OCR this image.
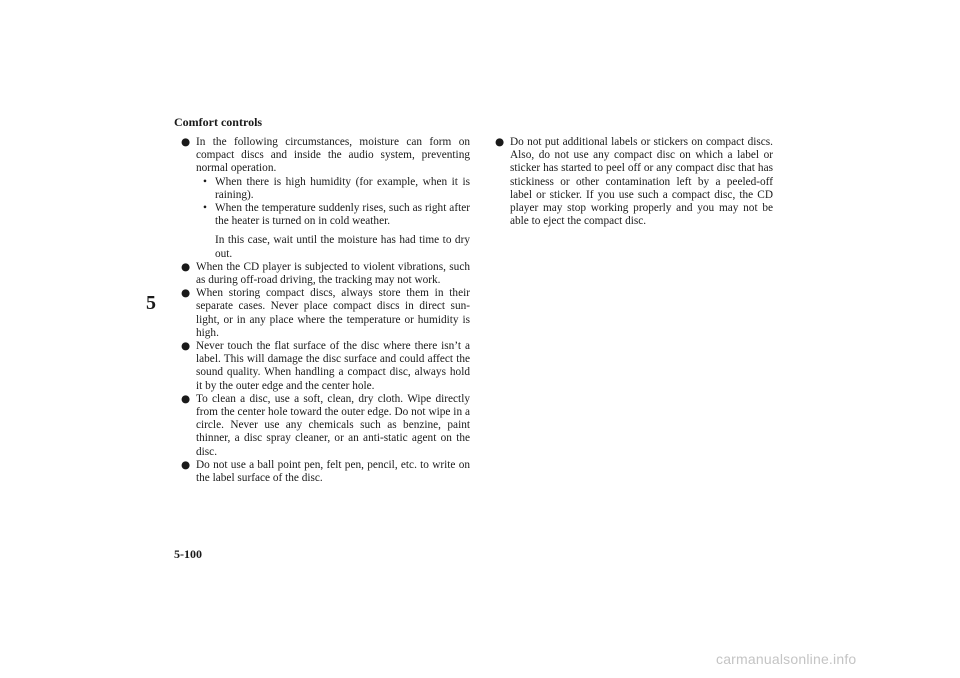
Comfort controls
5
5-100
● In the following circumstances, moisture can form on compact discs and inside the audio system, preventing normal operation.
• When there is high humidity (for example, when it is raining).
• When the temperature suddenly rises, such as right after the heater is turned on in cold weather.

In this case, wait until the moisture has had time to dry out.

● When the CD player is subjected to violent vibrations, such as during off-road driving, the tracking may not work.
● When storing compact discs, always store them in their separate cases. Never place compact discs in direct sun-light, or in any place where the temperature or humidity is high.
● Never touch the flat surface of the disc where there isn’t a label. This will damage the disc surface and could affect the sound quality. When handling a compact disc, always hold it by the outer edge and the center hole.
● To clean a disc, use a soft, clean, dry cloth. Wipe directly from the center hole toward the outer edge. Do not wipe in a circle. Never use any chemicals such as benzine, paint thinner, a disc spray cleaner, or an anti-static agent on the disc.
● Do not use a ball point pen, felt pen, pencil, etc. to write on the label surface of the disc.
● Do not put additional labels or stickers on compact discs. Also, do not use any compact disc on which a label or sticker has started to peel off or any compact disc that has stickiness or other contamination left by a peeled-off label or sticker. If you use such a compact disc, the CD player may stop working properly and you may not be able to eject the compact disc.
carmanualsonline.info
